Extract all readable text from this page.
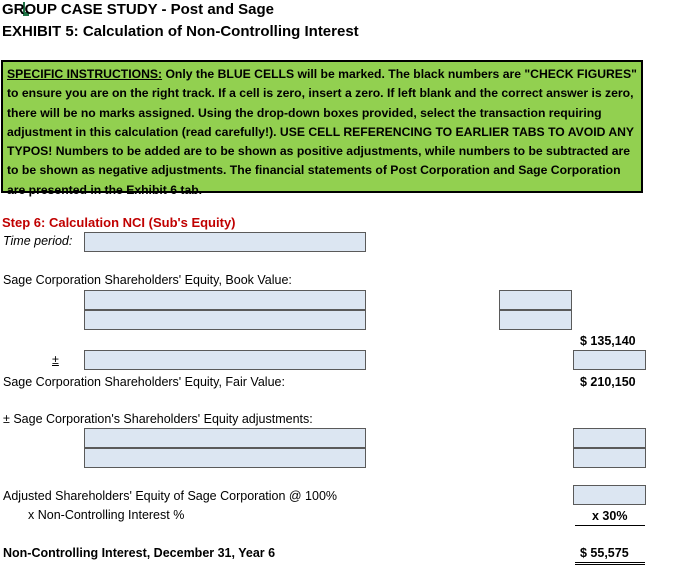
GROUP CASE STUDY - Post and Sage
EXHIBIT 5: Calculation of Non-Controlling Interest
SPECIFIC INSTRUCTIONS: Only the BLUE CELLS will be marked. The black numbers are "CHECK FIGURES" to ensure you are on the right track. If a cell is zero, insert a zero. If left blank and the correct answer is zero, there will be no marks assigned. Using the drop-down boxes provided, select the transaction requiring adjustment in this calculation (read carefully!). USE CELL REFERENCING TO EARLIER TABS TO AVOID ANY TYPOS! Numbers to be added are to be shown as positive adjustments, while numbers to be subtracted are to be shown as negative adjustments. The financial statements of Post Corporation and Sage Corporation are presented in the Exhibit 6 tab.
Step 6: Calculation NCI (Sub's Equity)
Time period:
Sage Corporation Shareholders' Equity, Book Value:
$ 135,140
±
Sage Corporation Shareholders' Equity, Fair Value:	$ 210,150
± Sage Corporation's Shareholders' Equity adjustments:
Adjusted Shareholders' Equity of Sage Corporation @ 100%
x Non-Controlling Interest %	x 30%
Non-Controlling Interest, December 31, Year 6	$ 55,575
